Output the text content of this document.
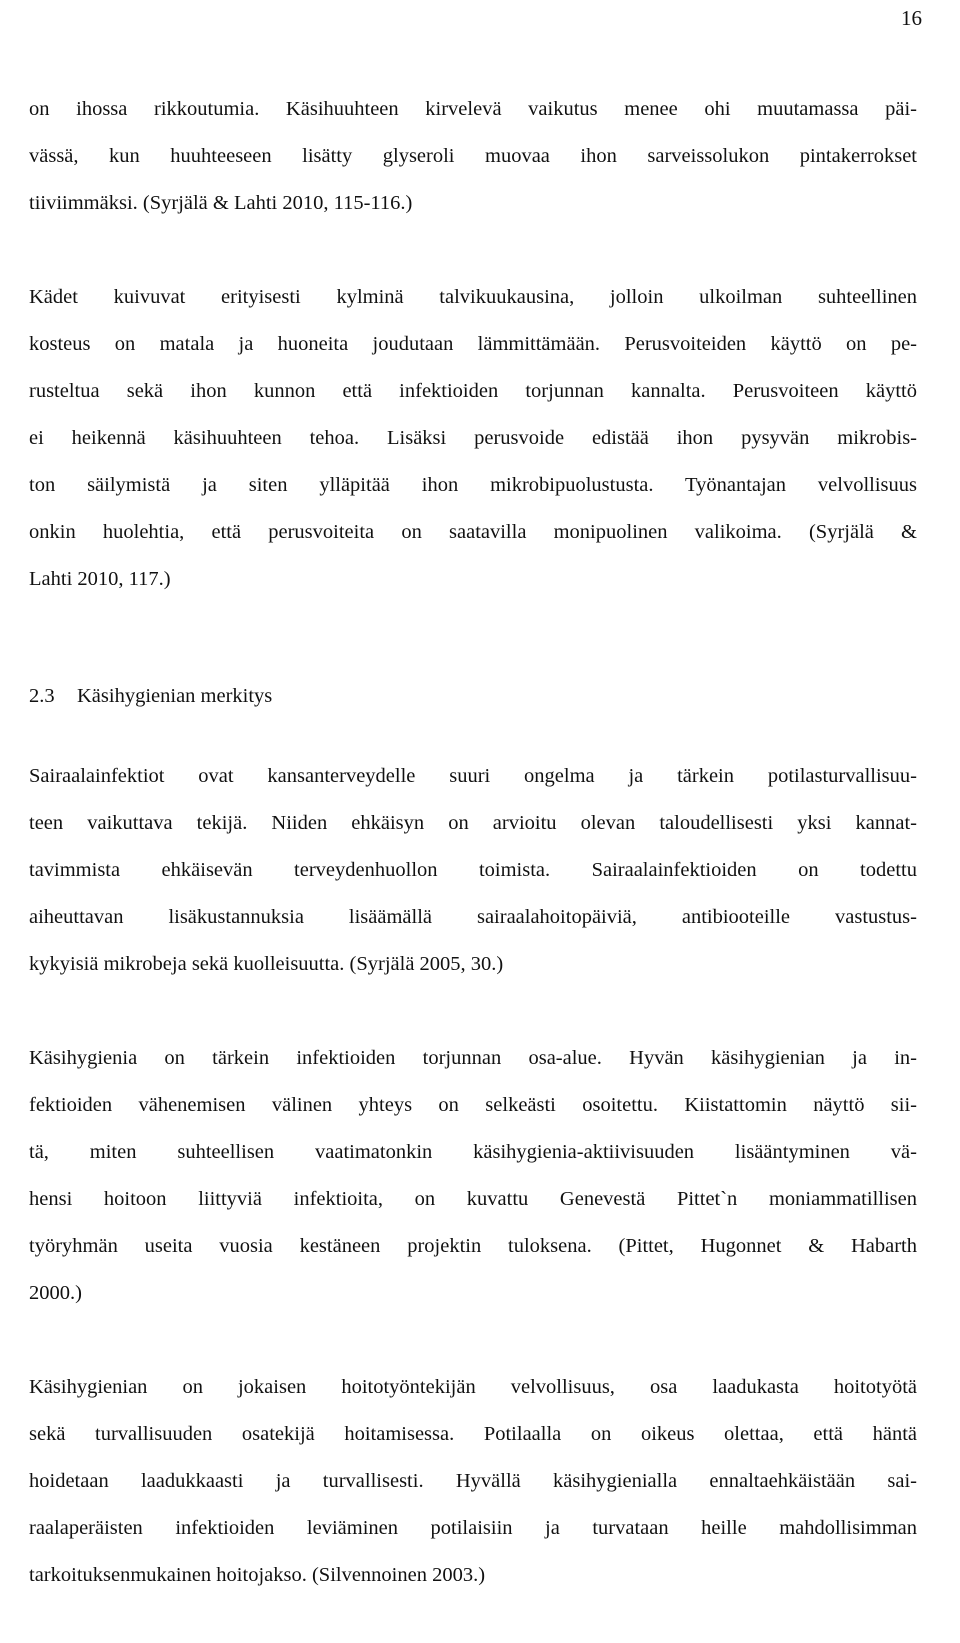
16
on ihossa rikkoutumia. Käsihuuhteen kirvelevä vaikutus menee ohi muutamassa päi-
vässä, kun huuhteeseen lisätty glyseroli muovaa ihon sarveissolukon pintakerrokset
tiiviimmäksi. (Syrjälä & Lahti 2010, 115-116.)
Kädet kuivuvat erityisesti kylminä talvikuukausina, jolloin ulkoilman suhteellinen
kosteus on matala ja huoneita joudutaan lämmittämään. Perusvoiteiden käyttö on pe-
rusteltua sekä ihon kunnon että infektioiden torjunnan kannalta. Perusvoiteen käyttö
ei heikennä käsihuuhteen tehoa. Lisäksi perusvoide edistää ihon pysyvän mikrobis-
ton säilymistä ja siten ylläpitää ihon mikrobipuolustusta. Työnantajan velvollisuus
onkin huolehtia, että perusvoiteita on saatavilla monipuolinen valikoima. (Syrjälä &
Lahti 2010, 117.)
2.3 Käsihygienian merkitys
Sairaalainfektiot ovat kansanterveydelle suuri ongelma ja tärkein potilasturvallisuu-
teen vaikuttava tekijä. Niiden ehkäisyn on arvioitu olevan taloudellisesti yksi kannat-
tavimmista ehkäisevän terveydenhuollon toimista. Sairaalainfektioiden on todettu
aiheuttavan lisäkustannuksia lisäämällä sairaalahoitopäiviä, antibiooteille vastustus-
kykyisiä mikrobeja sekä kuolleisuutta. (Syrjälä 2005, 30.)
Käsihygienia on tärkein infektioiden torjunnan osa-alue. Hyvän käsihygienian ja in-
fektioiden vähenemisen välinen yhteys on selkeästi osoitettu. Kiistattomin näyttö sii-
tä, miten suhteellisen vaatimatonkin käsihygienia-aktiivisuuden lisääntyminen vä-
hensi hoitoon liittyviä infektioita, on kuvattu Genevestä Pittet`n moniammatillisen
työryhmän useita vuosia kestäneen projektin tuloksena. (Pittet, Hugonnet & Habarth
2000.)
Käsihygienian on jokaisen hoitotyöntekijän velvollisuus, osa laadukasta hoitotyötä
sekä turvallisuuden osatekijä hoitamisessa. Potilaalla on oikeus olettaa, että häntä
hoidetaan laadukkaasti ja turvallisesti. Hyvällä käsihygienialla ennaltaehkäistään sai-
raalaperäisten infektioiden leviäminen potilaisiin ja turvataan heille mahdollisimman
tarkoituksenmukainen hoitojakso. (Silvennoinen 2003.)
